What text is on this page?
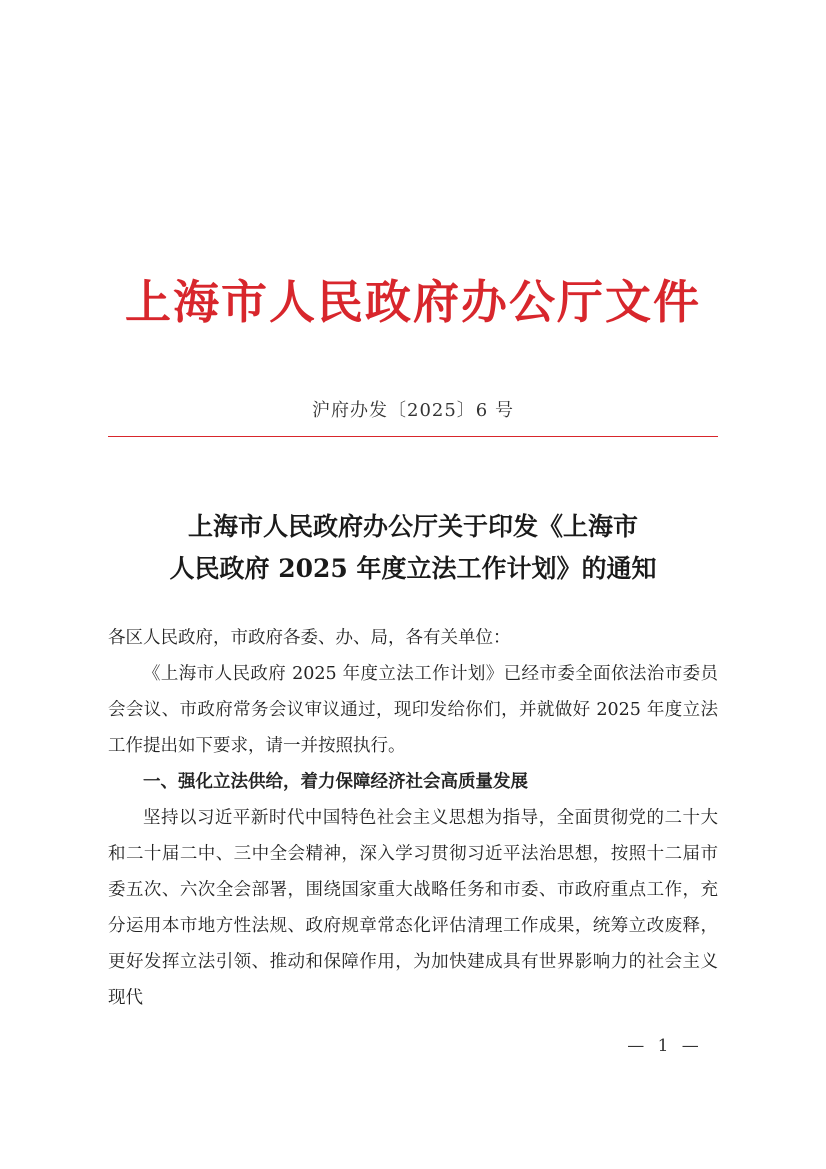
上海市人民政府办公厅文件
沪府办发〔2025〕6 号
上海市人民政府办公厅关于印发《上海市
人民政府 2025 年度立法工作计划》的通知

各区人民政府，市政府各委、办、局，各有关单位：

《上海市人民政府 2025 年度立法工作计划》已经市委全面依法治市委员会会议、市政府常务会议审议通过，现印发给你们，并就做好 2025 年度立法工作提出如下要求，请一并按照执行。

一、强化立法供给，着力保障经济社会高质量发展

坚持以习近平新时代中国特色社会主义思想为指导，全面贯彻党的二十大和二十届二中、三中全会精神，深入学习贯彻习近平法治思想，按照十二届市委五次、六次全会部署，围绕国家重大战略任务和市委、市政府重点工作，充分运用本市地方性法规、政府规章常态化评估清理工作成果，统筹立改废释，更好发挥立法引领、推动和保障作用，为加快建成具有世界影响力的社会主义现代

— 1 —
